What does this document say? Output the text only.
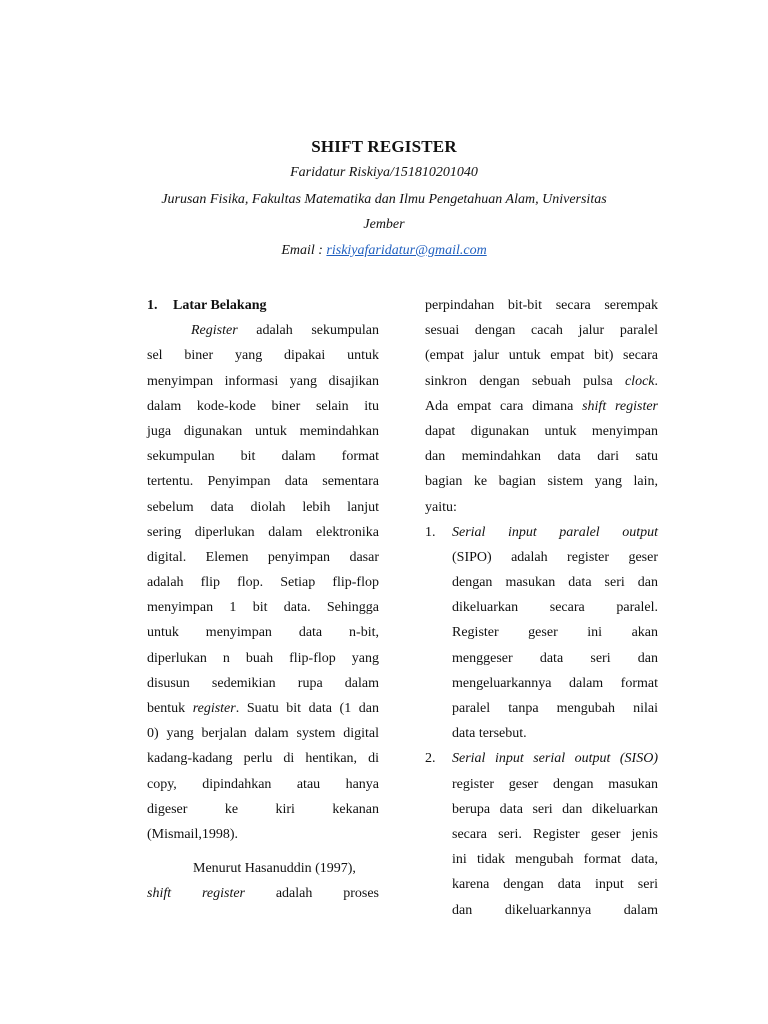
SHIFT REGISTER
Faridatur Riskiya/151810201040
Jurusan Fisika, Fakultas Matematika dan Ilmu Pengetahuan Alam, Universitas
Jember
Email : riskiyafaridatur@gmail.com
1. Latar Belakang
Register adalah sekumpulan
sel biner yang dipakai untuk
menyimpan informasi yang disajikan
dalam kode-kode biner selain itu
juga digunakan untuk memindahkan
sekumpulan bit dalam format
tertentu. Penyimpan data sementara
sebelum data diolah lebih lanjut
sering diperlukan dalam elektronika
digital. Elemen penyimpan dasar
adalah flip flop. Setiap flip-flop
menyimpan 1 bit data. Sehingga
untuk menyimpan data n-bit,
diperlukan n buah flip-flop yang
disusun sedemikian rupa dalam
bentuk register. Suatu bit data (1 dan
0) yang berjalan dalam system digital
kadang-kadang perlu di hentikan, di
copy, dipindahkan atau hanya
digeser ke kiri kekanan
(Mismail,1998).
Menurut Hasanuddin (1997),
shift register adalah proses
perpindahan bit-bit secara serempak
sesuai dengan cacah jalur paralel
(empat jalur untuk empat bit) secara
sinkron dengan sebuah pulsa clock.
Ada empat cara dimana shift register
dapat digunakan untuk menyimpan
dan memindahkan data dari satu
bagian ke bagian sistem yang lain,
yaitu:
1. Serial input paralel output
(SIPO) adalah register geser
dengan masukan data seri dan
dikeluarkan secara paralel.
Register geser ini akan
menggeser data seri dan
mengeluarkannya dalam format
paralel tanpa mengubah nilai
data tersebut.
2. Serial input serial output (SISO)
register geser dengan masukan
berupa data seri dan dikeluarkan
secara seri. Register geser jenis
ini tidak mengubah format data,
karena dengan data input seri
dan dikeluarkannya dalam
